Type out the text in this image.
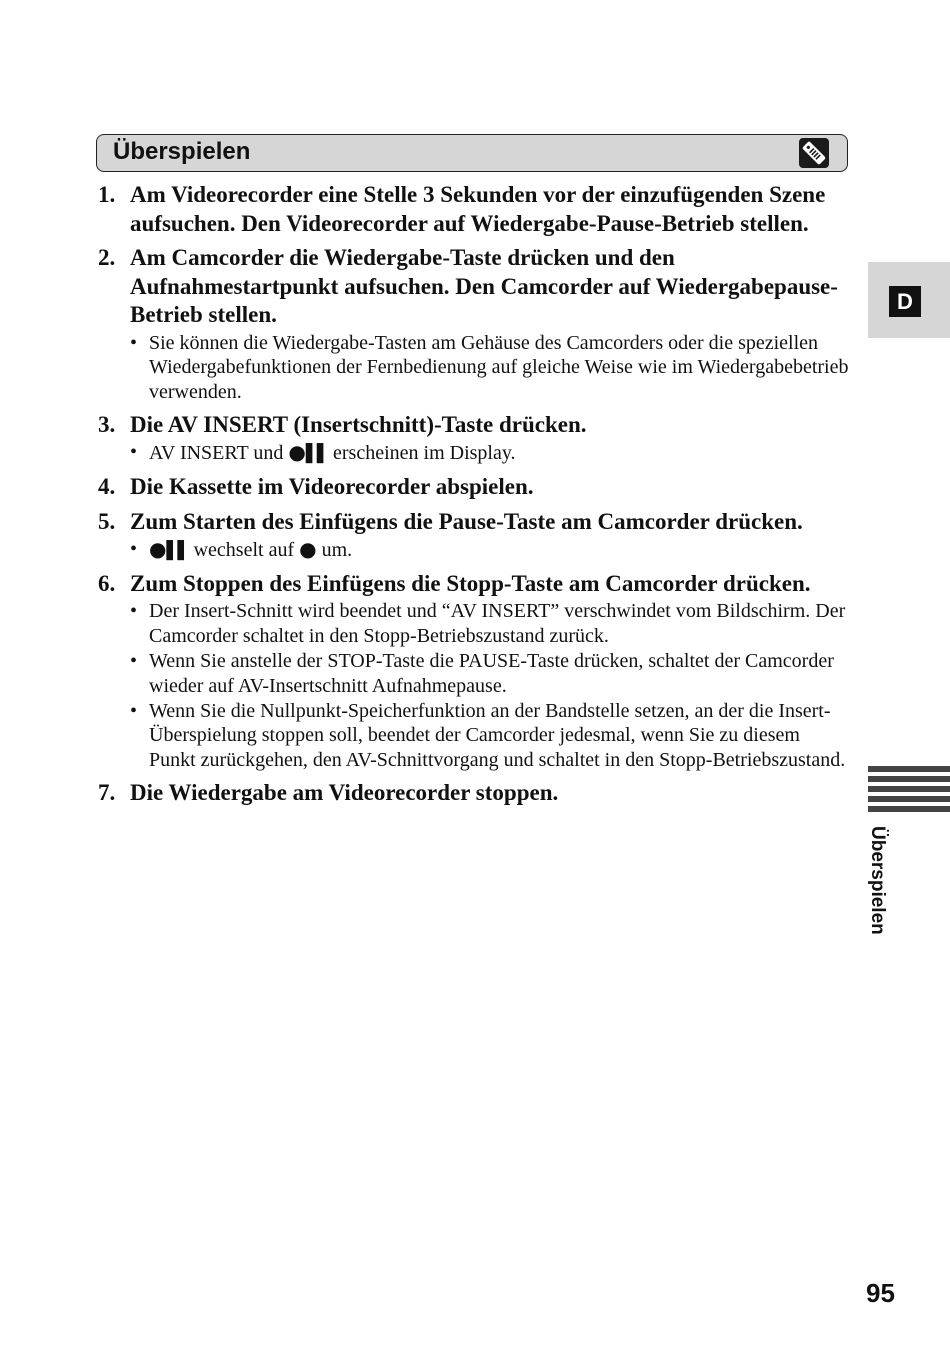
Überspielen
1. Am Videorecorder eine Stelle 3 Sekunden vor der einzufügenden Szene aufsuchen. Den Videorecorder auf Wiedergabe-Pause-Betrieb stellen.
2. Am Camcorder die Wiedergabe-Taste drücken und den Aufnahmestartpunkt aufsuchen. Den Camcorder auf Wiedergabepause-Betrieb stellen.
• Sie können die Wiedergabe-Tasten am Gehäuse des Camcorders oder die speziellen Wiedergabefunktionen der Fernbedienung auf gleiche Weise wie im Wiedergabebetrieb verwenden.
3. Die AV INSERT (Insertschnitt)-Taste drücken.
• AV INSERT und ●▌▌ erscheinen im Display.
4. Die Kassette im Videorecorder abspielen.
5. Zum Starten des Einfügens die Pause-Taste am Camcorder drücken.
• ●▌▌ wechselt auf ● um.
6. Zum Stoppen des Einfügens die Stopp-Taste am Camcorder drücken.
• Der Insert-Schnitt wird beendet und “AV INSERT” verschwindet vom Bildschirm. Der Camcorder schaltet in den Stopp-Betriebszustand zurück.
• Wenn Sie anstelle der STOP-Taste die PAUSE-Taste drücken, schaltet der Camcorder wieder auf AV-Insertschnitt Aufnahmepause.
• Wenn Sie die Nullpunkt-Speicherfunktion an der Bandstelle setzen, an der die Insert-Überspielung stoppen soll, beendet der Camcorder jedesmal, wenn Sie zu diesem Punkt zurückgehen, den AV-Schnittvorgang und schaltet in den Stopp-Betriebszustand.
7. Die Wiedergabe am Videorecorder stoppen.
D
Überspielen
95
